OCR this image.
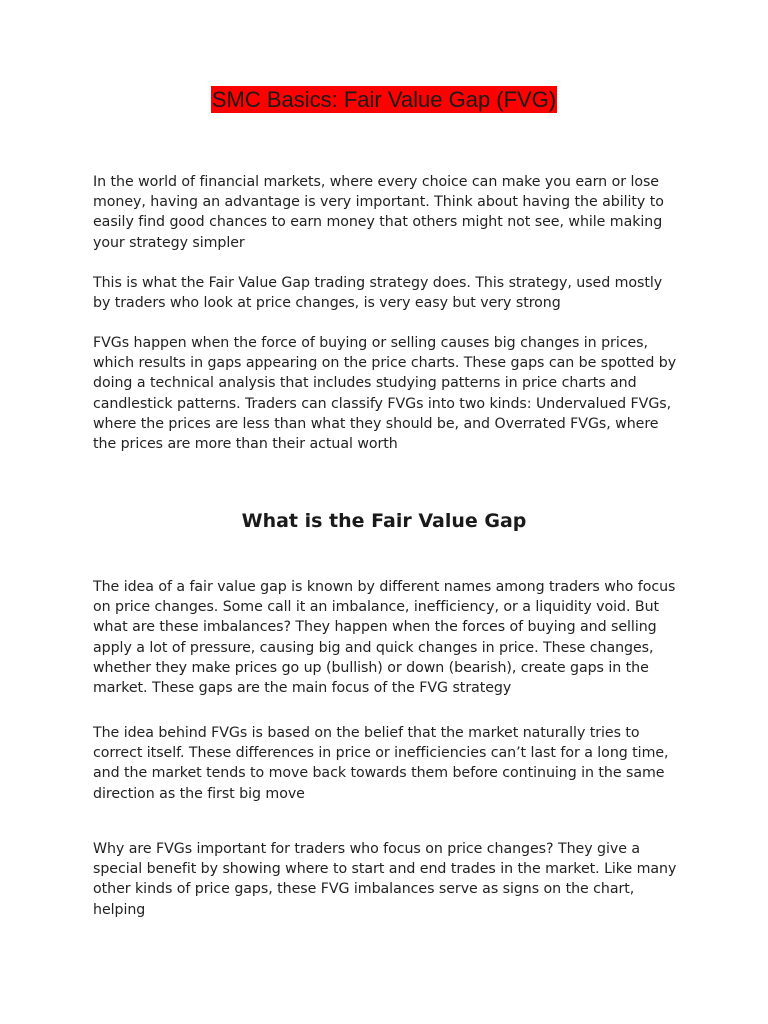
SMC Basics: Fair Value Gap (FVG)

In the world of financial markets, where every choice can make you earn or lose money, having an advantage is very important. Think about having the ability to easily find good chances to earn money that others might not see, while making your strategy simpler

This is what the Fair Value Gap trading strategy does. This strategy, used mostly by traders who look at price changes, is very easy but very strong

FVGs happen when the force of buying or selling causes big changes in prices, which results in gaps appearing on the price charts. These gaps can be spotted by doing a technical analysis that includes studying patterns in price charts and candlestick patterns. Traders can classify FVGs into two kinds: Undervalued FVGs, where the prices are less than what they should be, and Overrated FVGs, where the prices are more than their actual worth

What is the Fair Value Gap

The idea of a fair value gap is known by different names among traders who focus on price changes. Some call it an imbalance, inefficiency, or a liquidity void. But what are these imbalances? They happen when the forces of buying and selling apply a lot of pressure, causing big and quick changes in price. These changes, whether they make prices go up (bullish) or down (bearish), create gaps in the market. These gaps are the main focus of the FVG strategy

The idea behind FVGs is based on the belief that the market naturally tries to correct itself. These differences in price or inefficiencies can’t last for a long time, and the market tends to move back towards them before continuing in the same direction as the first big move

Why are FVGs important for traders who focus on price changes? They give a special benefit by showing where to start and end trades in the market. Like many other kinds of price gaps, these FVG imbalances serve as signs on the chart, helping
